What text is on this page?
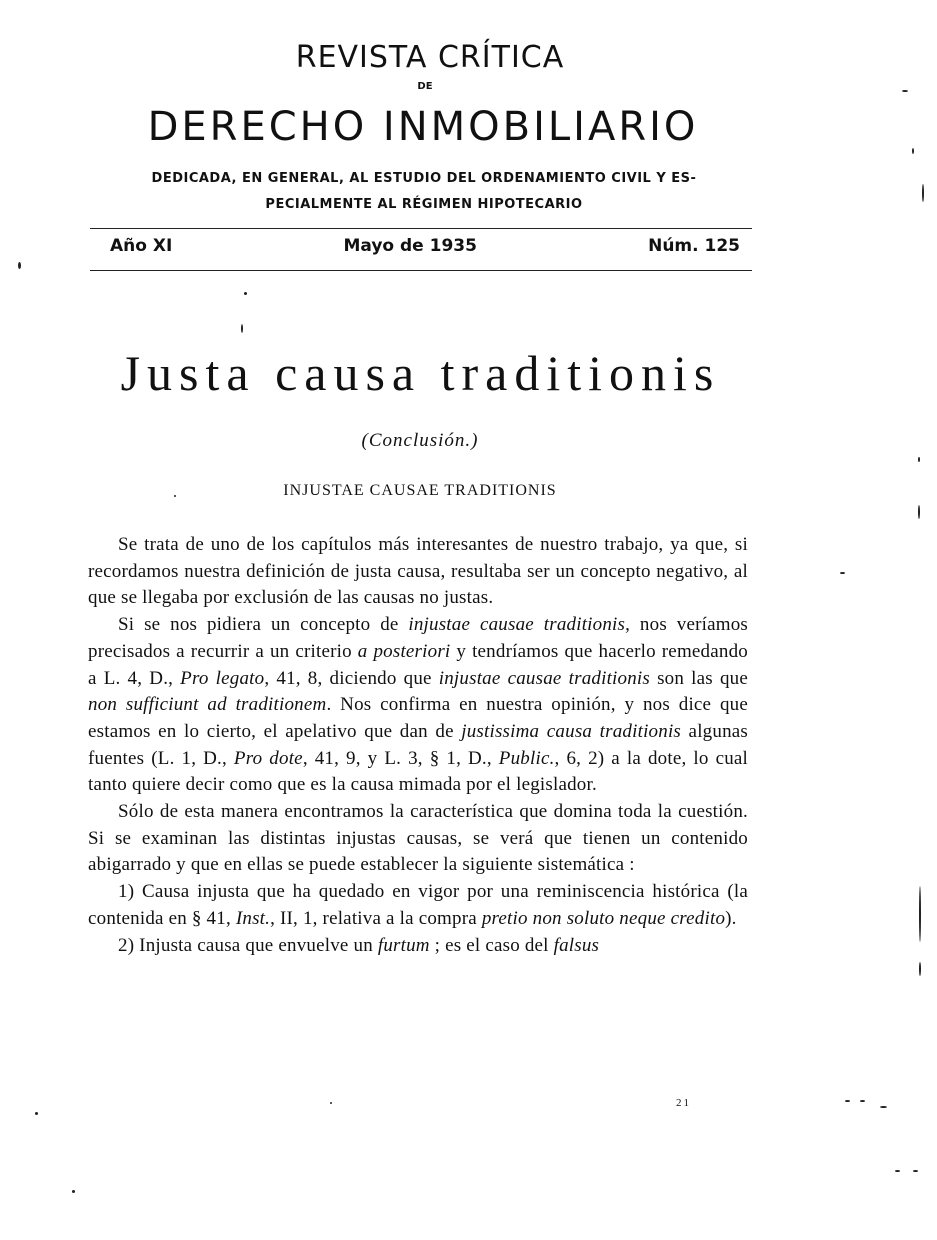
REVISTA CRÍTICA
DE
DERECHO INMOBILIARIO
DEDICADA, EN GENERAL, AL ESTUDIO DEL ORDENAMIENTO CIVIL Y ES-
PECIALMENTE AL RÉGIMEN HIPOTECARIO
Año XI	Mayo de 1935	Núm. 125
Justa causa traditionis
(Conclusión.)
INJUSTAE CAUSAE TRADITIONIS

Se trata de uno de los capítulos más interesantes de nuestro trabajo, ya que, si recordamos nuestra definición de justa causa, resultaba ser un concepto negativo, al que se llegaba por exclusión de las causas no justas.

Si se nos pidiera un concepto de injustae causae traditionis, nos veríamos precisados a recurrir a un criterio a posteriori y tendríamos que hacerlo remedando a L. 4, D., Pro legato, 41, 8, diciendo que injustae causae traditionis son las que non sufficiunt ad traditionem. Nos confirma en nuestra opinión, y nos dice que estamos en lo cierto, el apelativo que dan de justissima causa traditionis algunas fuentes (L. 1, D., Pro dote, 41, 9, y L. 3, § 1, D., Public., 6, 2) a la dote, lo cual tanto quiere decir como que es la causa mimada por el legislador.

Sólo de esta manera encontramos la característica que domina toda la cuestión. Si se examinan las distintas injustas causas, se verá que tienen un contenido abigarrado y que en ellas se puede establecer la siguiente sistemática :

1) Causa injusta que ha quedado en vigor por una reminiscencia histórica (la contenida en § 41, Inst., II, 1, relativa a la compra pretio non soluto neque credito).

2) Injusta causa que envuelve un furtum ; es el caso del falsus

21
